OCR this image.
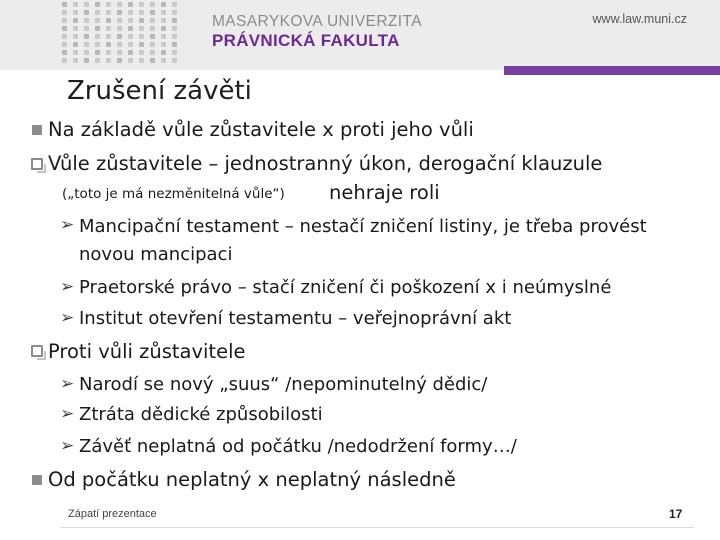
MASARYKOVA UNIVERZITA
PRÁVNICKÁ FAKULTA
www.law.muni.cz
Zrušení závěti
Na základě vůle zůstavitele x proti jeho vůli
Vůle zůstavitele – jednostranný úkon, derogační klauzule
(„toto je má nezměnitelná vůle“) nehraje roli
➢ Mancipační testament – nestačí zničení listiny, je třeba provést
novou mancipaci
➢ Praetorské právo – stačí zničení či poškození x i neúmyslné
➢ Institut otevření testamentu – veřejnoprávní akt
Proti vůli zůstavitele
➢ Narodí se nový „suus“ /nepominutelný dědic/
➢ Ztráta dědické způsobilosti
➢ Závěť neplatná od počátku /nedodržení formy…/
Od počátku neplatný x neplatný následně
Zápatí prezentace	17
